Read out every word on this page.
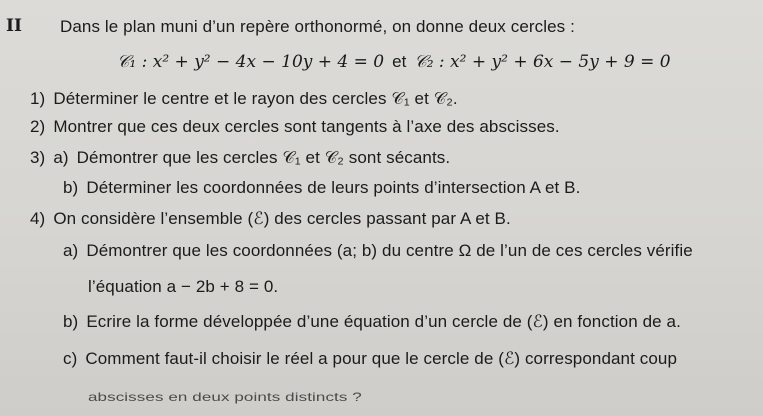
II Dans le plan muni d’un repère orthonormé, on donne deux cercles :
𝒞₁ : x² + y² − 4x − 10y + 4 = 0 et 𝒞₂ : x² + y² + 6x − 5y + 9 = 0
1) Déterminer le centre et le rayon des cercles 𝒞₁ et 𝒞₂.
2) Montrer que ces deux cercles sont tangents à l’axe des abscisses.
3) a) Démontrer que les cercles 𝒞₁ et 𝒞₂ sont sécants.
b) Déterminer les coordonnées de leurs points d’intersection A et B.
4) On considère l’ensemble (ℰ) des cercles passant par A et B.
a) Démontrer que les coordonnées (a; b) du centre Ω de l’un de ces cercles vérifie
l’équation a − 2b + 8 = 0.
b) Ecrire la forme développée d’une équation d’un cercle de (ℰ) en fonction de a.
c) Comment faut-il choisir le réel a pour que le cercle de (ℰ) correspondant coup
abscisses en deux points distincts ?
